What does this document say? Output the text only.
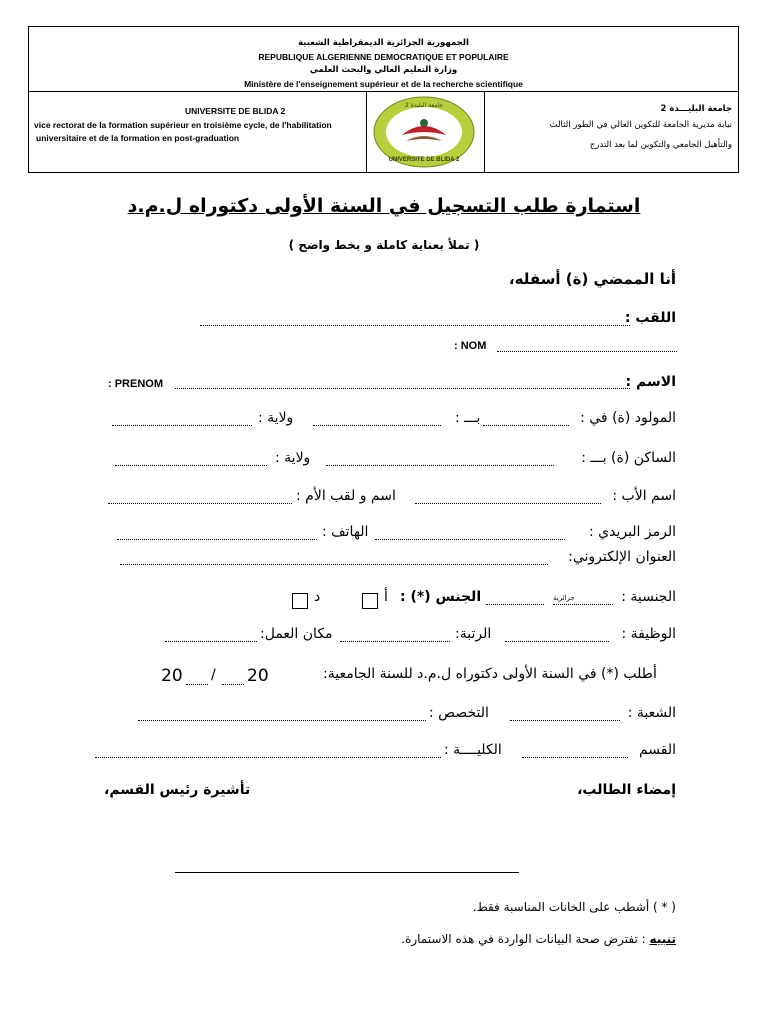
الجمهورية الجزائرية الديمقراطية الشعبية
REPUBLIQUE ALGERIENNE DEMOCRATIQUE ET POPULAIRE
وزارة التعليم العالي والبحث العلمي
Ministère de l'enseignement supérieur et de la recherche scientifique
UNIVERSITE DE BLIDA 2
vice rectorat de la formation supérieur en troisième cycle, de l'habilitation
universitaire et de la formation en post-graduation
جامعة البليـــدة 2
نيابة مديرية الجامعة للتكوين العالي في الطور الثالث
والتأهيل الجامعي والتكوين لما بعد التدرج
UNIVERSITE DE BLIDA 2
جامعة البليدة 2
استمارة طلب التسجيل في السنة الأولى دكتوراه ل.م.د
( تملأ بعناية كاملة و بخط واضح )
أنا الممضي (ة) أسفله،
اللقب :
: NOM
الاسم :
: PRENOM
المولود (ة) في :
بـــ :
ولاية :
الساكن (ة) بـــ :
ولاية :
اسم الأب :
اسم و لقب الأم :
الرمز البريدي :
الهاتف :
العنوان الإلكتروني:
الجنسية :
جزائرية
الجنس (*) :
أ
د
الوظيفة :
الرتبة:
مكان العمل:
أطلب (*) في السنة الأولى دكتوراه ل.م.د للسنة الجامعية:
20
/
20
الشعبة :
التخصص :
القسم
الكليــــة :
إمضاء الطالب،
تأشيرة رئيس القسم،
( * ) أشطب على الخانات المناسبة فقط.
تنبيه : تفترض صحة البيانات الواردة في هذه الاستمارة.
